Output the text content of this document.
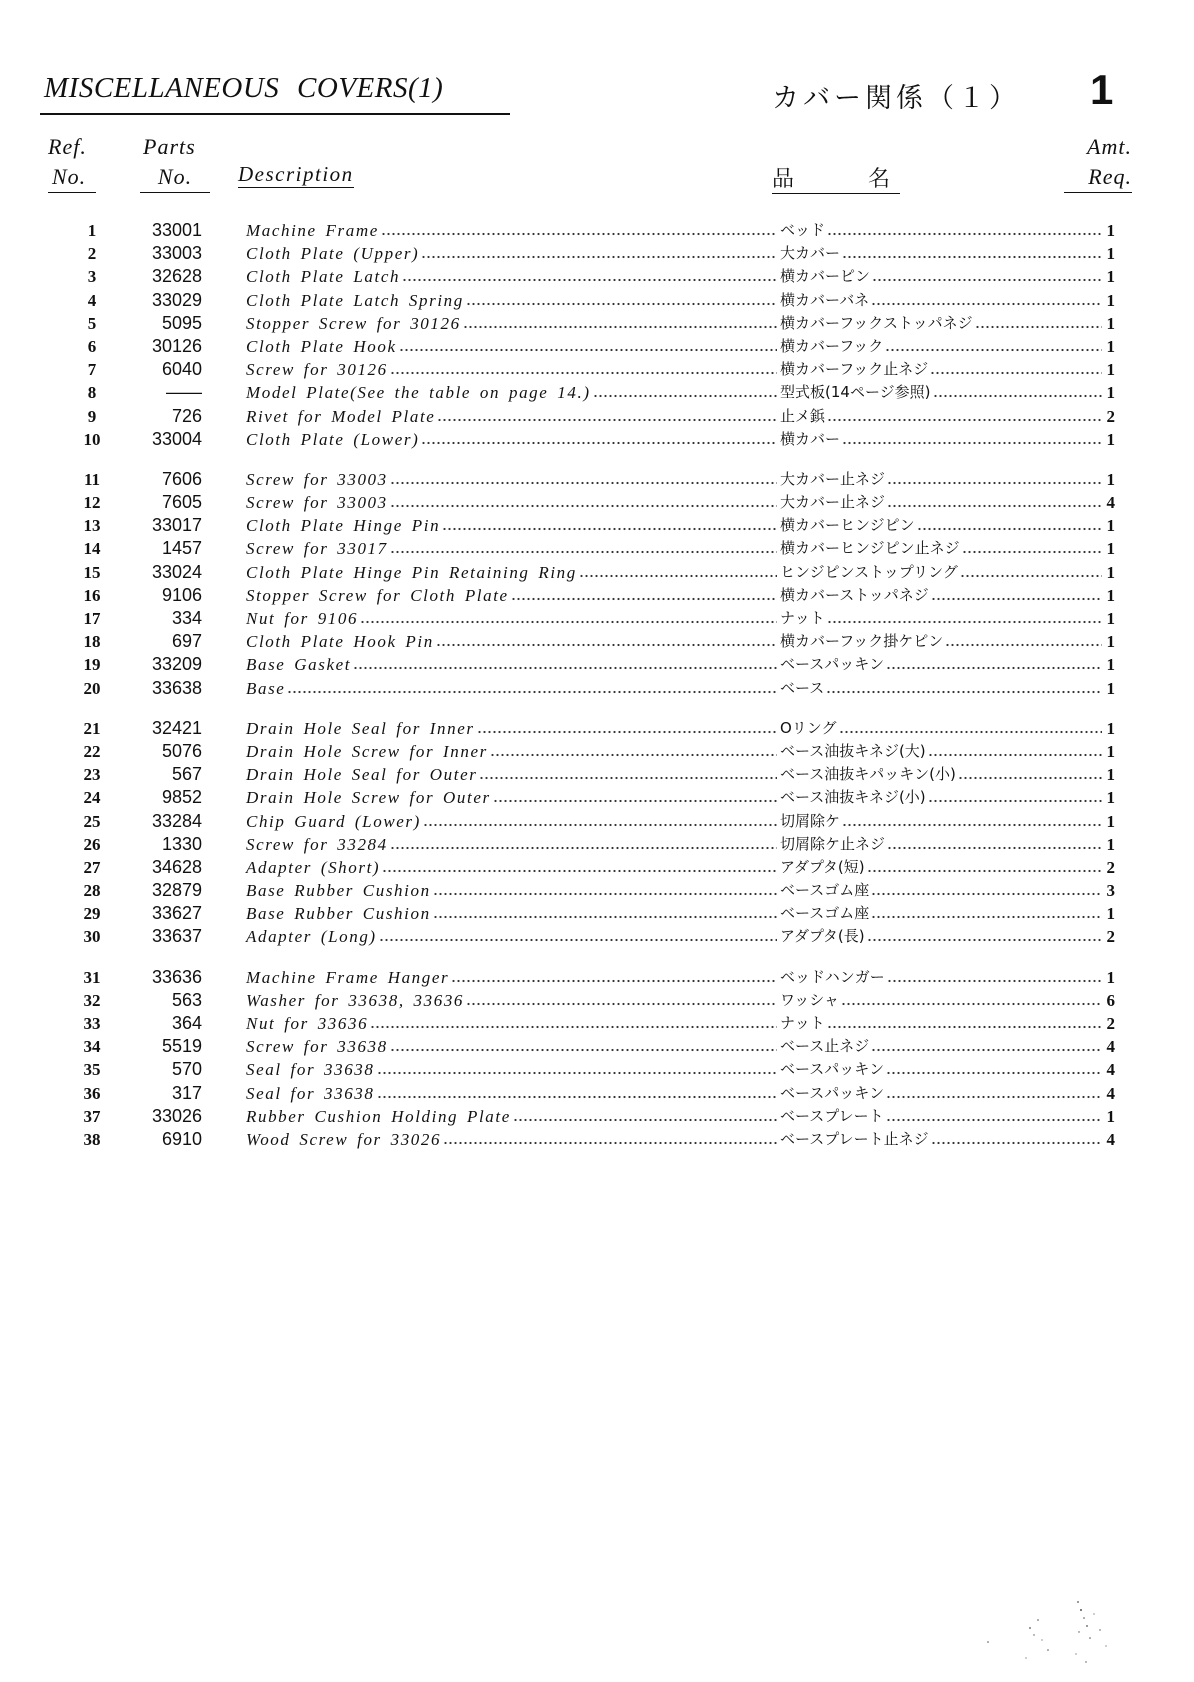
MISCELLANEOUS COVERS(1)	カバー関係（１） 1
Ref.
No.
Parts
No.	Description	品　　名
Amt.
Req.
1	33001	Machine Frame	ベッド	1
2	33003	Cloth Plate (Upper)	大カバー	1
3	32628	Cloth Plate Latch	横カバーピン	1
4	33029	Cloth Plate Latch Spring	横カバーバネ	1
5	5095	Stopper Screw for 30126	横カバーフックストッパネジ	1
6	30126	Cloth Plate Hook	横カバーフック	1
7	6040	Screw for 30126	横カバーフック止ネジ	1
8	——	Model Plate(See the table on page 14.)	型式板(14ページ参照)	1
9	726	Rivet for Model Plate	止メ鋲	2
10	33004	Cloth Plate (Lower)	横カバー	1
11	7606	Screw for 33003	大カバー止ネジ	1
12	7605	Screw for 33003	大カバー止ネジ	4
13	33017	Cloth Plate Hinge Pin	横カバーヒンジピン	1
14	1457	Screw for 33017	横カバーヒンジピン止ネジ	1
15	33024	Cloth Plate Hinge Pin Retaining Ring	ヒンジピンストップリング	1
16	9106	Stopper Screw for Cloth Plate	横カバーストッパネジ	1
17	334	Nut for 9106	ナット	1
18	697	Cloth Plate Hook Pin	横カバーフック掛ケピン	1
19	33209	Base Gasket	ベースパッキン	1
20	33638	Base	ベース	1
21	32421	Drain Hole Seal for Inner	Oリング	1
22	5076	Drain Hole Screw for Inner	ベース油抜キネジ(大)	1
23	567	Drain Hole Seal for Outer	ベース油抜キパッキン(小)	1
24	9852	Drain Hole Screw for Outer	ベース油抜キネジ(小)	1
25	33284	Chip Guard (Lower)	切屑除ケ	1
26	1330	Screw for 33284	切屑除ケ止ネジ	1
27	34628	Adapter (Short)	アダプタ(短)	2
28	32879	Base Rubber Cushion	ベースゴム座	3
29	33627	Base Rubber Cushion	ベースゴム座	1
30	33637	Adapter (Long)	アダプタ(長)	2
31	33636	Machine Frame Hanger	ベッドハンガー	1
32	563	Washer for 33638, 33636	ワッシャ	6
33	364	Nut for 33636	ナット	2
34	5519	Screw for 33638	ベース止ネジ	4
35	570	Seal for 33638	ベースパッキン	4
36	317	Seal for 33638	ベースパッキン	4
37	33026	Rubber Cushion Holding Plate	ベースプレート	1
38	6910	Wood Screw for 33026	ベースプレート止ネジ	4
